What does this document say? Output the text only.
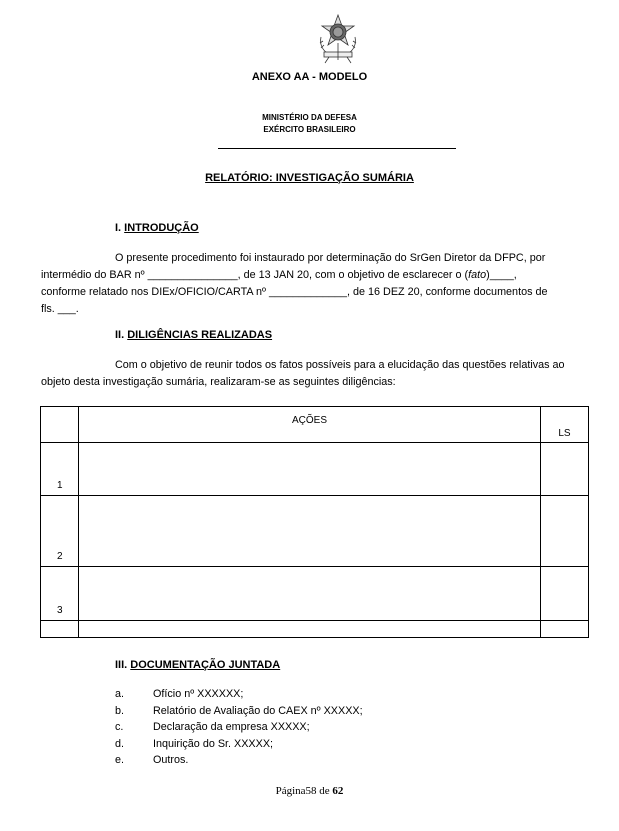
ANEXO AA - MODELO
MINISTÉRIO DA DEFESA
EXÉRCITO BRASILEIRO
RELATÓRIO: INVESTIGAÇÃO SUMÁRIA
I. INTRODUÇÃO
O presente procedimento foi instaurado por determinação do SrGen Diretor da DFPC, por
intermédio do BAR nº _______________, de 13 JAN 20, com o objetivo de esclarecer o (fato)____,
conforme relatado nos DIEx/OFICIO/CARTA nº _____________, de 16 DEZ 20, conforme documentos de
fls. ___.
II. DILIGÊNCIAS REALIZADAS
Com o objetivo de reunir todos os fatos possíveis para a elucidação das questões relativas ao
objeto desta investigação sumária, realizaram-se as seguintes diligências:

	AÇÕES	LS

1		

2		

3		

III. DOCUMENTAÇÃO JUNTADA
a.	Ofício nº XXXXXX;
b.	Relatório de Avaliação do CAEX nº XXXXX;
c.	Declaração da empresa XXXXX;
d.	Inquirição do Sr. XXXXX;
e.	Outros.
Página58 de 62
